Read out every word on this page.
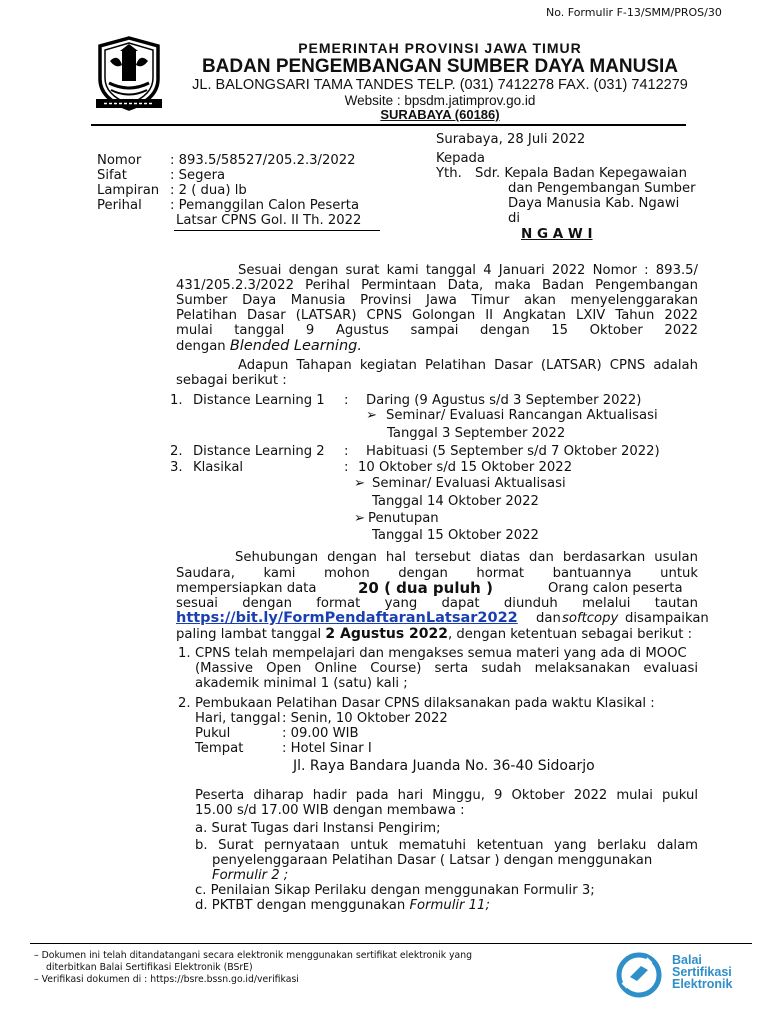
No. Formulir F-13/SMM/PROS/30
PEMERINTAH PROVINSI JAWA TIMUR
BADAN PENGEMBANGAN SUMBER DAYA MANUSIA
JL. BALONGSARI TAMA TANDES TELP. (031) 7412278 FAX. (031) 7412279
Website : bpsdm.jatimprov.go.id
SURABAYA (60186)
Surabaya, 28 Juli 2022
Nomor : 893.5/58527/205.2.3/2022
Sifat	: Segera
Lampiran : 2 ( dua) lb
Perihal : Pemanggilan Calon Peserta
Latsar CPNS Gol. II Th. 2022
Kepada
Yth. Sdr. Kepala Badan Kepegawaian
dan Pengembangan Sumber
Daya Manusia Kab. Ngawi
di
N G A W I
Sesuai dengan surat kami tanggal 4 Januari 2022 Nomor : 893.5/
431/205.2.3/2022 Perihal Permintaan Data, maka Badan Pengembangan
Sumber Daya Manusia Provinsi Jawa Timur akan menyelenggarakan
Pelatihan Dasar (LATSAR) CPNS Golongan II Angkatan LXIV Tahun 2022
mulai tanggal 9 Agustus sampai dengan 15 Oktober 2022
dengan Blended Learning.
Adapun Tahapan kegiatan Pelatihan Dasar (LATSAR) CPNS adalah
sebagai berikut :
1. Distance Learning 1 : Daring (9 Agustus s/d 3 September 2022)
➢ Seminar/ Evaluasi Rancangan Aktualisasi
Tanggal 3 September 2022
2. Distance Learning 2 : Habituasi (5 September s/d 7 Oktober 2022)
3. Klasikal	: 10 Oktober s/d 15 Oktober 2022
➢ Seminar/ Evaluasi Aktualisasi
Tanggal 14 Oktober 2022
➢ Penutupan
Tanggal 15 Oktober 2022
Sehubungan dengan hal tersebut diatas dan berdasarkan usulan
Saudara, kami mohon dengan hormat bantuannya untuk
mempersiapkan data	20 ( dua puluh )	Orang calon peserta
sesuai dengan format yang dapat diunduh melalui tautan
https://bit.ly/FormPendaftaranLatsar2022 dan softcopy disampaikan
paling lambat tanggal 2 Agustus 2022, dengan ketentuan sebagai berikut :
1. CPNS telah mempelajari dan mengakses semua materi yang ada di MOOC
(Massive Open Online Course) serta sudah melaksanakan evaluasi
akademik minimal 1 (satu) kali ;
2. Pembukaan Pelatihan Dasar CPNS dilaksanakan pada waktu Klasikal :
Hari, tanggal : Senin, 10 Oktober 2022
Pukul	: 09.00 WIB
Tempat	: Hotel Sinar I
Jl. Raya Bandara Juanda No. 36-40 Sidoarjo
Peserta diharap hadir pada hari Minggu, 9 Oktober 2022 mulai pukul
15.00 s/d 17.00 WIB dengan membawa :
a. Surat Tugas dari Instansi Pengirim;
b. Surat pernyataan untuk mematuhi ketentuan yang berlaku dalam
penyelenggaraan Pelatihan Dasar ( Latsar ) dengan menggunakan
Formulir 2 ;
c. Penilaian Sikap Perilaku dengan menggunakan Formulir 3;
d. PKTBT dengan menggunakan Formulir 11;
– Dokumen ini telah ditandatangani secara elektronik menggunakan sertifikat elektronik yang
diterbitkan Balai Sertifikasi Elektronik (BSrE)
– Verifikasi dokumen di : https://bsre.bssn.go.id/verifikasi
Balai
Sertifikasi
Elektronik
